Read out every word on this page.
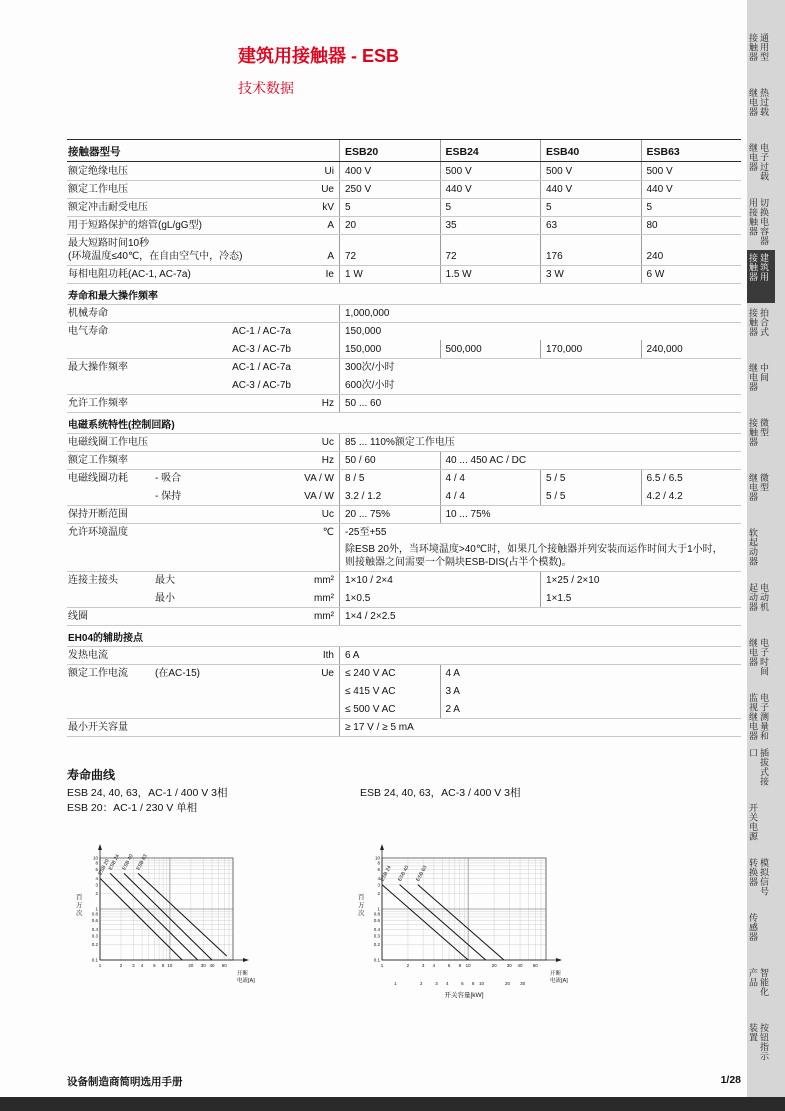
建筑用接触器 - ESB
技术数据
接触器型号	ESB20	ESB24	ESB40	ESB63
额定绝缘电压	Ui 400 V	500 V	500 V	500 V
额定工作电压	Ue 250 V	440 V	440 V	440 V
额定冲击耐受电压	kV 5	5	5	5
用于短路保护的熔管(gL/gG型)	A 20	35	63	80
最大短路时间10秒
(环境温度≤40℃，在自由空气中，冷态)	A 72	72	176	240
每相电阻功耗(AC-1, AC-7a)	Ie 1 W	1.5 W	3 W	6 W
寿命和最大操作频率
机械寿命	1,000,000
电气寿命	AC-1 / AC-7a	150,000
AC-3 / AC-7b	150,000	500,000	170,000	240,000
最大操作频率	AC-1 / AC-7a	300次/小时
AC-3 / AC-7b	600次/小时
允许工作频率	Hz 50 ... 60
电磁系统特性(控制回路)
电磁线圈工作电压	Uc 85 ... 110%额定工作电压
额定工作频率	Hz 50 / 60	40 ... 450 AC / DC
电磁线圈功耗	- 吸合	VA / W 8 / 5	4 / 4	5 / 5	6.5 / 6.5
- 保持	VA / W 3.2 / 1.2	4 / 4	5 / 5	4.2 / 4.2
保持开断范围	Uc 20 ... 75%	10 ... 75%
允许环境温度	℃ -25至+55
除ESB 20外，当环境温度>40℃时，如果几个接触器并列安装而运作时间大于1小时，
则接触器之间需要一个隔块ESB-DIS(占半个模数)。
连接主接头	最大	mm² 1×10 / 2×4	1×25 / 2×10
最小	mm² 1×0.5	1×1.5
线圈	mm² 1×4 / 2×2.5
EH04的辅助接点
发热电流	Ith 6 A
额定工作电流	(在AC-15)	Ue ≤ 240 V AC	4 A
≤ 415 V AC	3 A
≤ 500 V AC	2 A
最小开关容量	≥ 17 V / ≥ 5 mA
寿命曲线
ESB 24, 40, 63，AC-1 / 400 V 3相
ESB 20：AC-1 / 230 V 单相
ESB 24, 40, 63，AC-3 / 400 V 3相
1	2 3 4 6 8 10	20 30 40 60
10
8
6
4
3
2
1
0.8
0.6
0.4
0.3
0.2
0.1
百
万
次
开断
电流[A]
ESB 20
ESB 24 ESB 40 ESB 63
1	2	3 4	6 8 10	20 30 40 60
10
8
6
4
3
2
1
0.8
0.6
0.4
0.3
0.2
0.1
百
万
次
开断
电流[A]
ESB 24 ESB 40 ESB 63
1	2	3 4	6 8 10	20 30
开关容量[kW]
设备制造商简明选用手册	1/28
通用型
接触器
热过载
继电器
电子过载
继电器
切换电容器
用接触器
建筑用
接触器
拍合式
接触器
中间
继电器
微型
接触器
微型
继电器
软起动器
电动机
起动器
电子时间
继电器
电子测量和
监视继电器
插拔式接
口
开关电源
模拟信号
转换器
传感器
智能化
产品
按钮指示
装置
